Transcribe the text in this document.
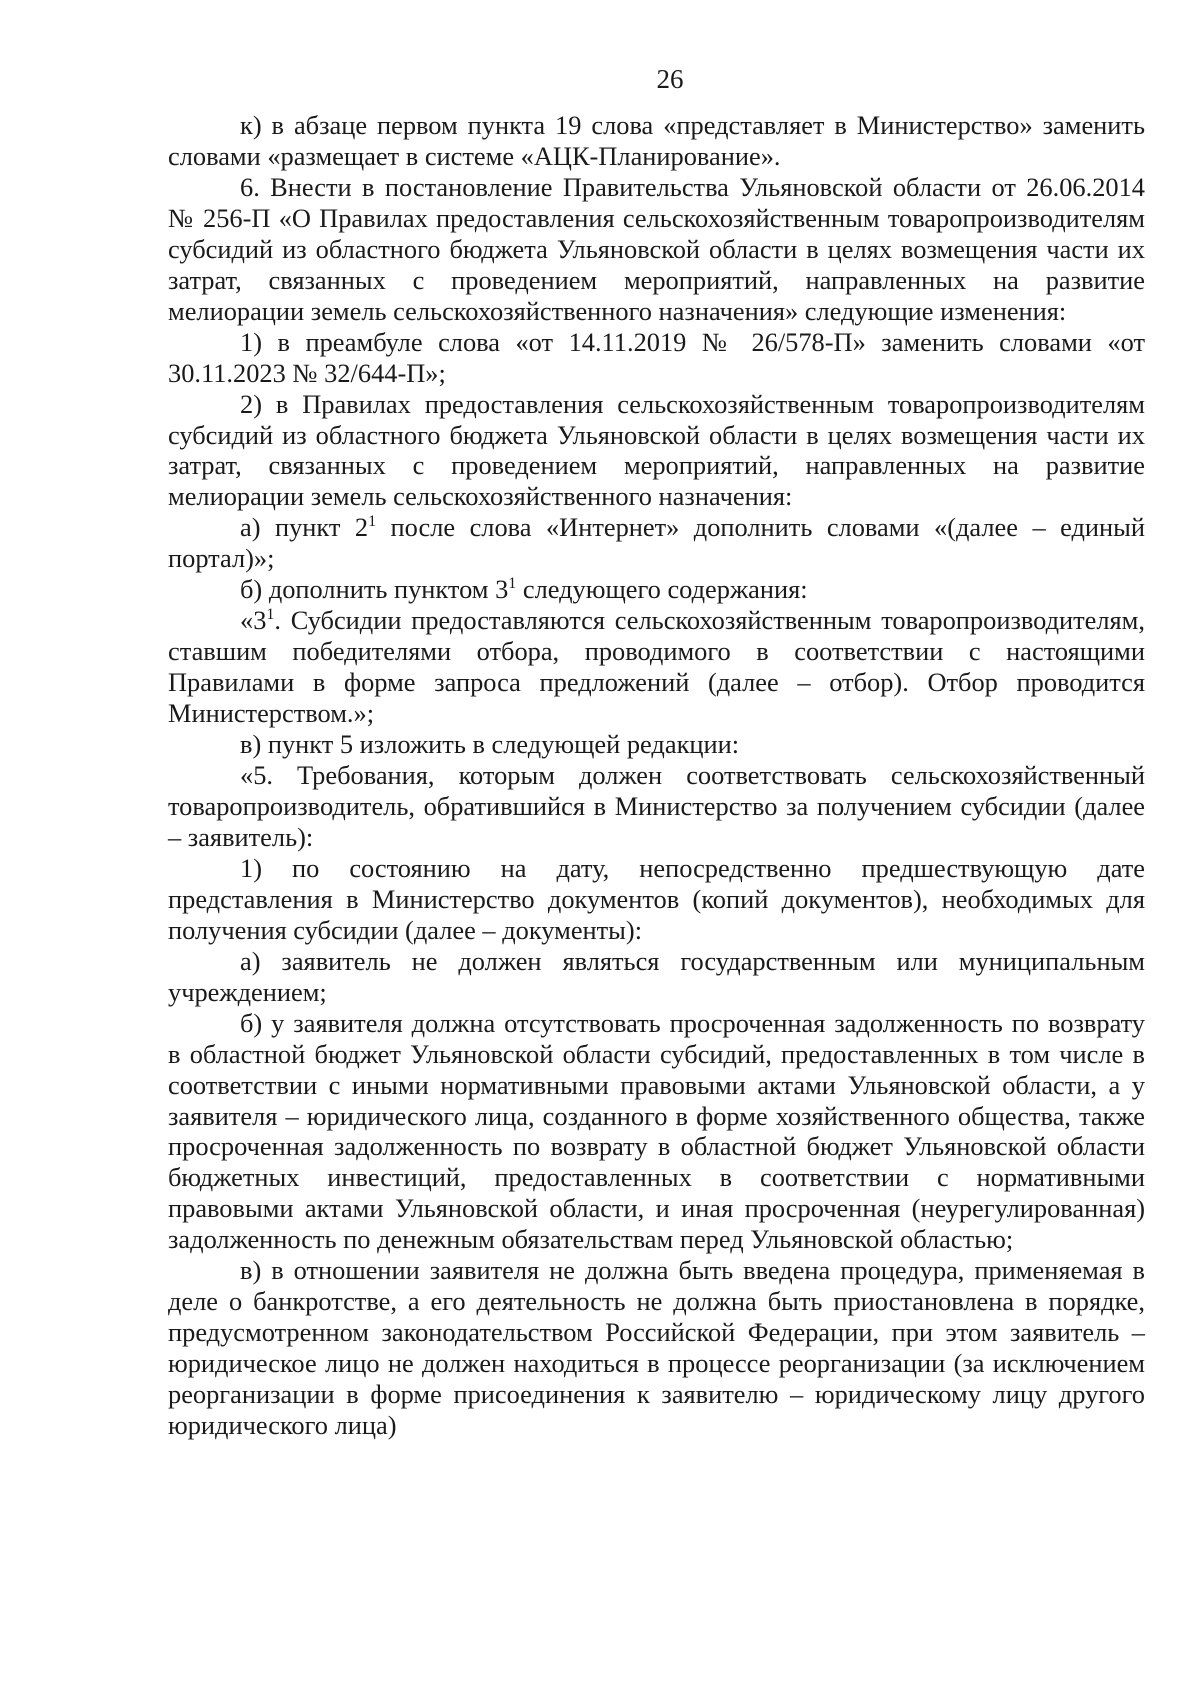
26

к) в абзаце первом пункта 19 слова «представляет в Министерство» заменить словами «размещает в системе «АЦК-Планирование».

6. Внести в постановление Правительства Ульяновской области от 26.06.2014 № 256-П «О Правилах предоставления сельскохозяйственным товаропроизводителям субсидий из областного бюджета Ульяновской области в целях возмещения части их затрат, связанных с проведением мероприятий, направленных на развитие мелиорации земель сельскохозяйственного назначения» следующие изменения:

1) в преамбуле слова «от 14.11.2019 № 26/578-П» заменить словами «от 30.11.2023 № 32/644-П»;

2) в Правилах предоставления сельскохозяйственным товаропроизводителям субсидий из областного бюджета Ульяновской области в целях возмещения части их затрат, связанных с проведением мероприятий, направленных на развитие мелиорации земель сельскохозяйственного назначения:

а) пункт $2^1$ после слова «Интернет» дополнить словами «(далее – единый портал)»;

б) дополнить пунктом $3^1$ следующего содержания:

«$3^1$. Субсидии предоставляются сельскохозяйственным товаропроизводителям, ставшим победителями отбора, проводимого в соответствии с настоящими Правилами в форме запроса предложений (далее – отбор). Отбор проводится Министерством.»;

в) пункт 5 изложить в следующей редакции:

«5. Требования, которым должен соответствовать сельскохозяйственный товаропроизводитель, обратившийся в Министерство за получением субсидии (далее – заявитель):

1) по состоянию на дату, непосредственно предшествующую дате представления в Министерство документов (копий документов), необходимых для получения субсидии (далее – документы):

а) заявитель не должен являться государственным или муниципальным учреждением;

б) у заявителя должна отсутствовать просроченная задолженность по возврату в областной бюджет Ульяновской области субсидий, предоставленных в том числе в соответствии с иными нормативными правовыми актами Ульяновской области, а у заявителя – юридического лица, созданного в форме хозяйственного общества, также просроченная задолженность по возврату в областной бюджет Ульяновской области бюджетных инвестиций, предоставленных в соответствии с нормативными правовыми актами Ульяновской области, и иная просроченная (неурегулированная) задолженность по денежным обязательствам перед Ульяновской областью;

в) в отношении заявителя не должна быть введена процедура, применяемая в деле о банкротстве, а его деятельность не должна быть приостановлена в порядке, предусмотренном законодательством Российской Федерации, при этом заявитель – юридическое лицо не должен находиться в процессе реорганизации (за исключением реорганизации в форме присоединения к заявителю – юридическому лицу другого юридического лица)
